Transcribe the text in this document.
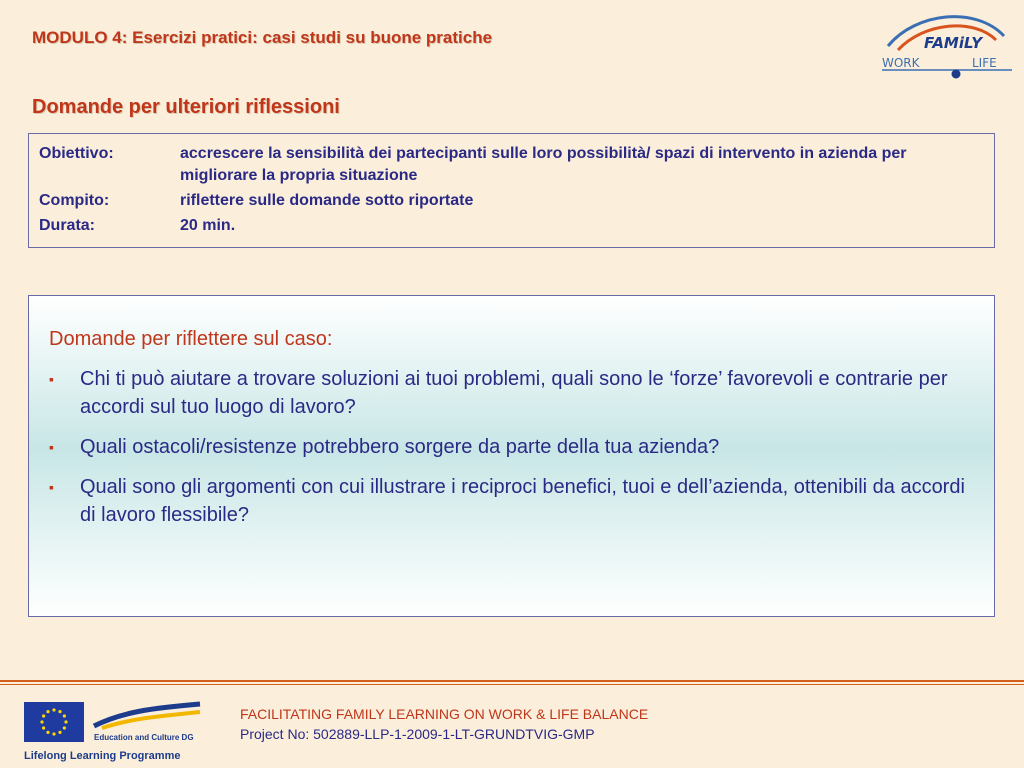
MODULO 4: Esercizi pratici: casi studi su buone pratiche
Domande per ulteriori riflessioni
FAMiLY
WORK	LIFE
Obiettivo:	accrescere la sensibilità dei partecipanti sulle loro possibilità/ spazi di intervento in azienda per migliorare la propria situazione
Compito:	riflettere sulle domande sotto riportate
Durata:	20 min.
Domande per riflettere sul caso:
▪	Chi ti può aiutare a trovare soluzioni ai tuoi problemi, quali sono le ‘forze’ favorevoli e contrarie per accordi sul tuo luogo di lavoro?
▪	Quali ostacoli/resistenze potrebbero sorgere da parte della tua azienda?
▪	Quali sono gli argomenti con cui illustrare i reciproci benefici, tuoi e dell’azienda, ottenibili da accordi di lavoro flessibile?
Education and Culture DG
Lifelong Learning Programme
FACILITATING FAMILY LEARNING ON WORK & LIFE BALANCE
Project No: 502889-LLP-1-2009-1-LT-GRUNDTVIG-GMP
